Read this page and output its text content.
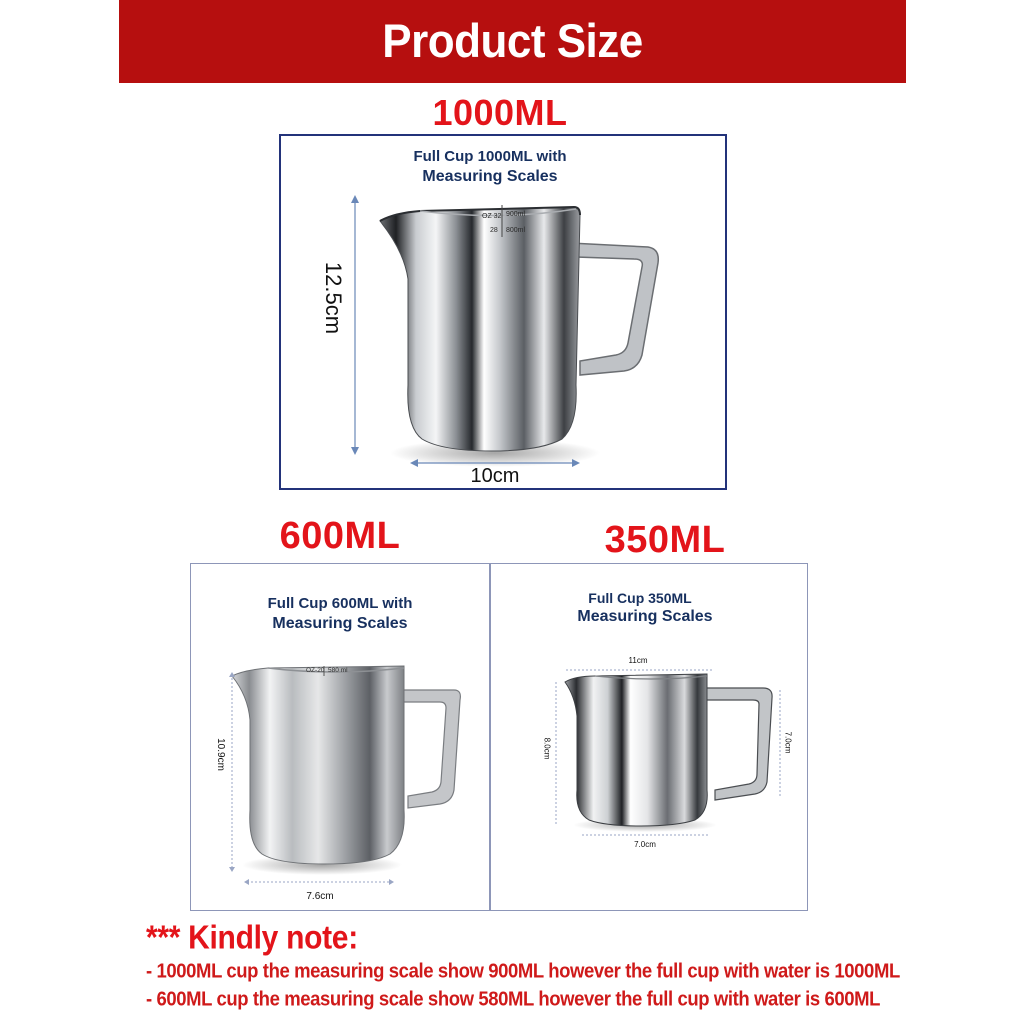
Product Size
1000ML
Full Cup 1000ML with
Measuring Scales
OZ 32 900ml
28 800ml
12.5cm
10cm
600ML	350ML
Full Cup 600ML with
Measuring Scales
OZ-20 580 ml
10.9cm
7.6cm
Full Cup 350ML
Measuring Scales
11cm
8.0cm	7.0cm
7.0cm
*** Kindly note:
- 1000ML cup the measuring scale show 900ML however the full cup with water is 1000ML
- 600ML cup the measuring scale show 580ML however the full cup with water is 600ML
